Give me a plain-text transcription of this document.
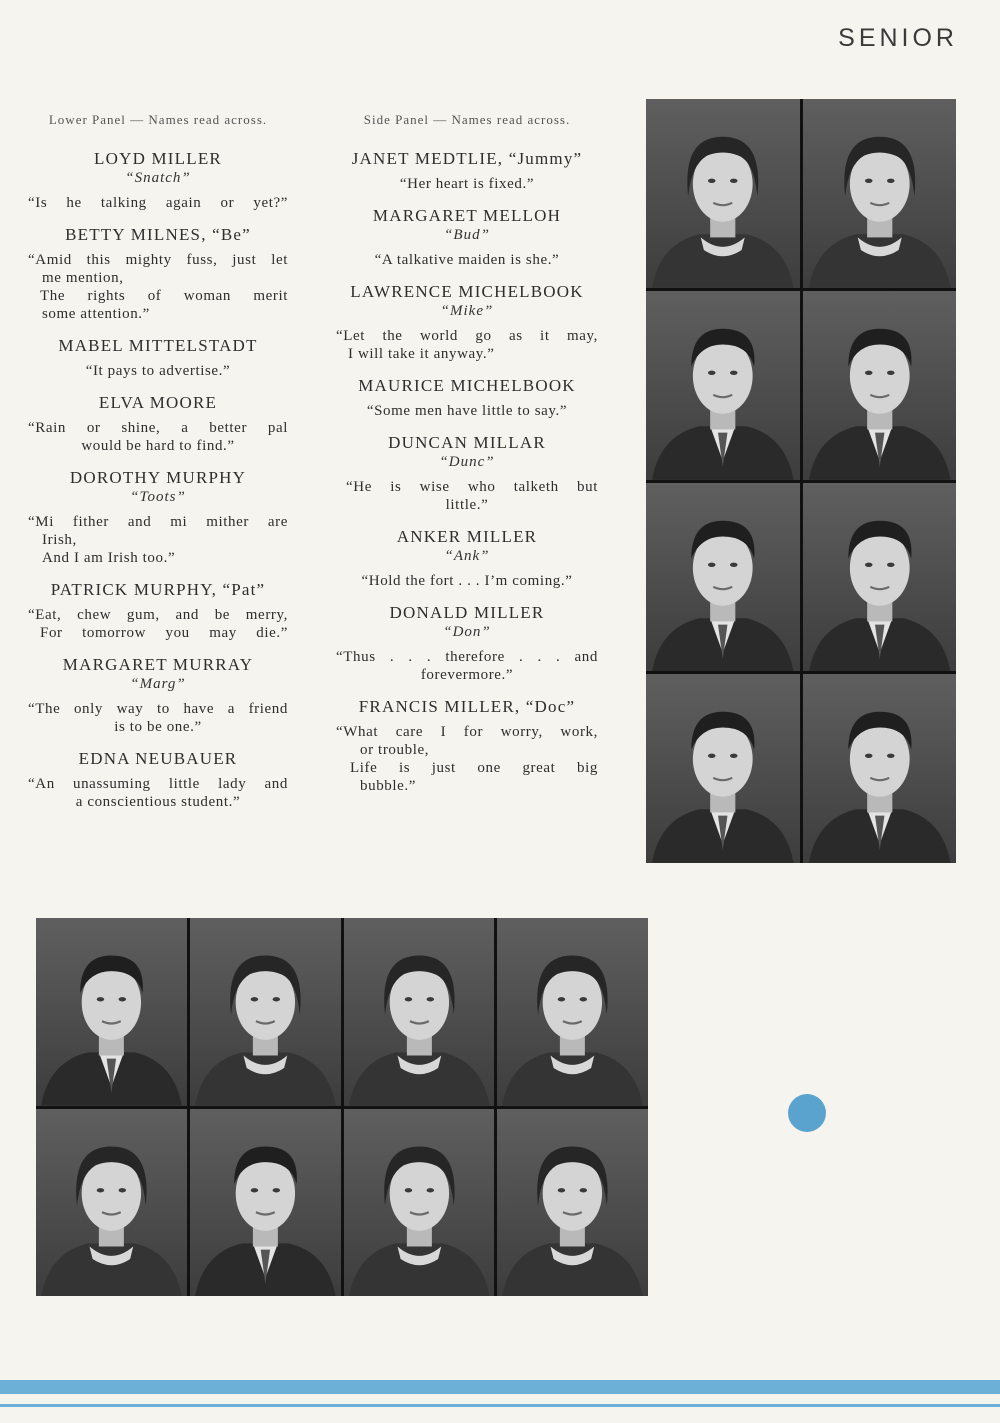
SENIOR
Lower Panel — Names read across.
LOYD MILLER
“Snatch”
“Is he talking again or yet?”
BETTY MILNES, “Be”
“Amid this mighty fuss, just let
me mention,
The rights of woman merit
some attention.”
MABEL MITTELSTADT
“It pays to advertise.”
ELVA MOORE
“Rain or shine, a better pal
would be hard to find.”
DOROTHY MURPHY
“Toots”
“Mi fither and mi mither are
Irish,
And I am Irish too.”
PATRICK MURPHY, “Pat”
“Eat, chew gum, and be merry,
For tomorrow you may die.”
MARGARET MURRAY
“Marg”
“The only way to have a friend
is to be one.”
EDNA NEUBAUER
“An unassuming little lady and
a conscientious student.”
Side Panel — Names read across.
JANET MEDTLIE, “Jummy”
“Her heart is fixed.”
MARGARET MELLOH
“Bud”
“A talkative maiden is she.”
LAWRENCE MICHELBOOK
“Mike”
“Let the world go as it may,
I will take it anyway.”
MAURICE MICHELBOOK
“Some men have little to say.”
DUNCAN MILLAR
“Dunc”
“He is wise who talketh but
little.”
ANKER MILLER
“Ank”
“Hold the fort . . . I’m coming.”
DONALD MILLER
“Don”
“Thus . . . therefore . . . and
forevermore.”
FRANCIS MILLER, “Doc”
“What care I for worry, work,
or trouble,
Life is just one great big
bubble.”
